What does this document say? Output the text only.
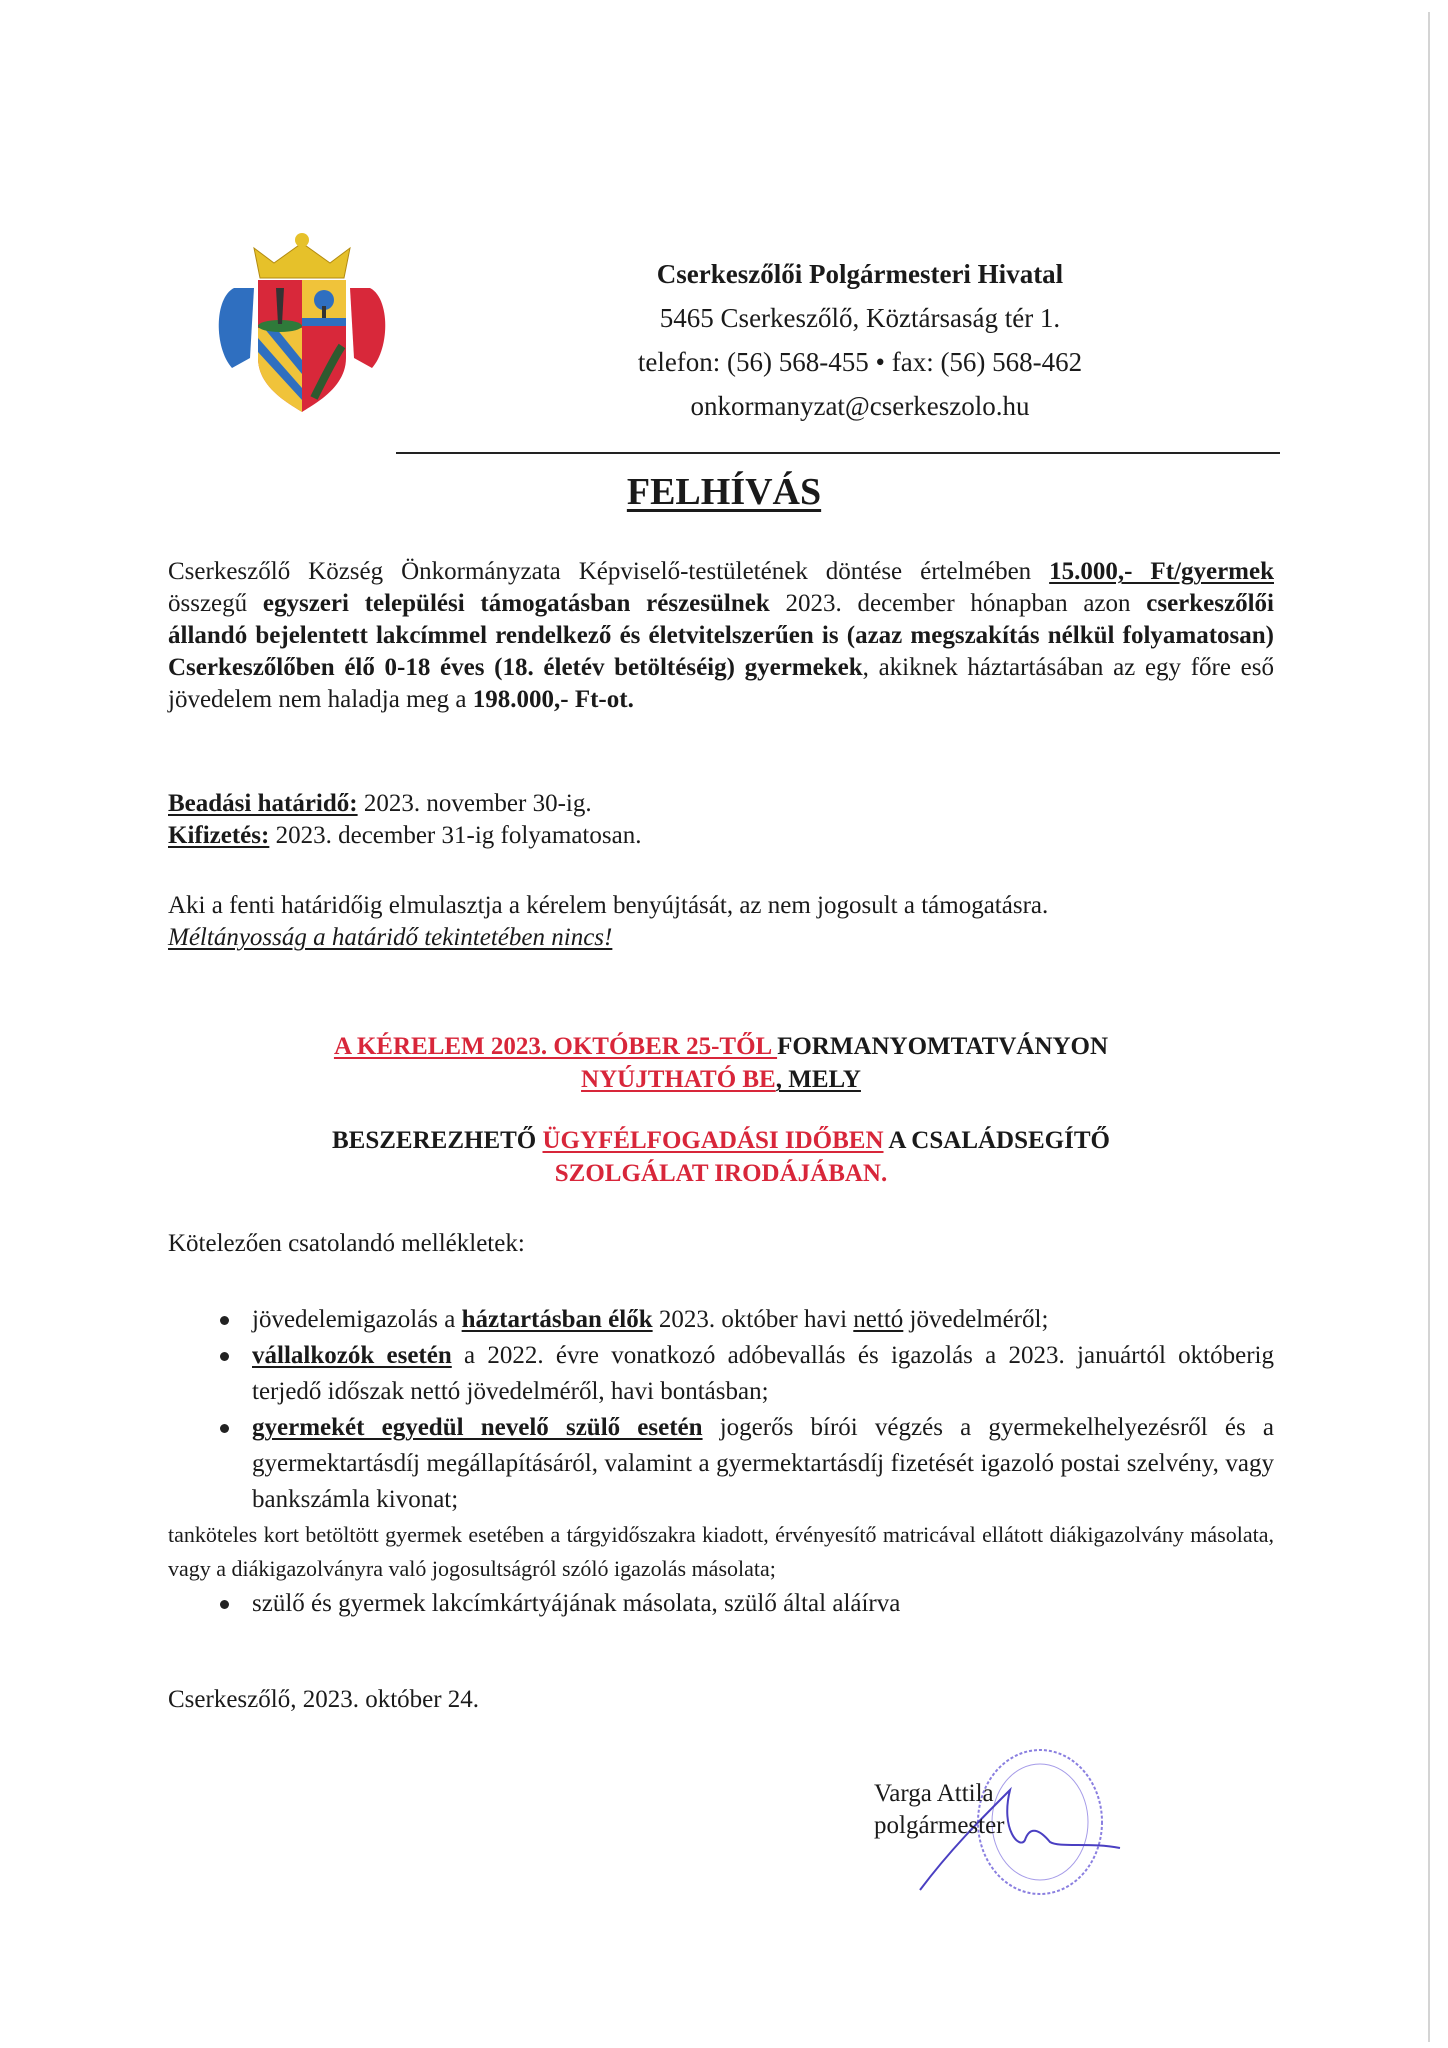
Cserkeszőlői Polgármesteri Hivatal

5465 Cserkeszőlő, Köztársaság tér 1.

telefon: (56) 568-455 • fax: (56) 568-462

onkormanyzat@cserkeszolo.hu

FELHÍVÁS

Cserkeszőlő Község Önkormányzata Képviselő-testületének döntése értelmében 15.000,- Ft/gyermek összegű egyszeri települési támogatásban részesülnek 2023. december hónapban azon cserkeszőlői állandó bejelentett lakcímmel rendelkező és életvitelszerűen is (azaz megszakítás nélkül folyamatosan) Cserkeszőlőben élő 0-18 éves (18. életév betöltéséig) gyermekek, akiknek háztartásában az egy főre eső jövedelem nem haladja meg a 198.000,- Ft-ot.

Beadási határidő: 2023. november 30-ig.

Kifizetés: 2023. december 31-ig folyamatosan.

Aki a fenti határidőig elmulasztja a kérelem benyújtását, az nem jogosult a támogatásra.

Méltányosság a határidő tekintetében nincs!

A KÉRELEM 2023. OKTÓBER 25-TŐL FORMANYOMTATVÁNYON
NYÚJTHATÓ BE, MELY
BESZEREZHETŐ ÜGYFÉLFOGADÁSI IDŐBEN A CSALÁDSEGÍTŐ
SZOLGÁLAT IRODÁJÁBAN.

Kötelezően csatolandó mellékletek:

jövedelemigazolás a háztartásban élők 2023. október havi nettó jövedelméről;
vállalkozók esetén a 2022. évre vonatkozó adóbevallás és igazolás a 2023. januártól októberig terjedő időszak nettó jövedelméről, havi bontásban;
gyermekét egyedül nevelő szülő esetén jogerős bírói végzés a gyermekelhelyezésről és a gyermektartásdíj megállapításáról, valamint a gyermektartásdíj fizetését igazoló postai szelvény, vagy bankszámla kivonat;
tanköteles kort betöltött gyermek esetében a tárgyidőszakra kiadott, érvényesítő matricával ellátott diákigazolvány másolata, vagy a diákigazolványra való jogosultságról szóló igazolás másolata;
szülő és gyermek lakcímkártyájának másolata, szülő által aláírva
Cserkeszőlő, 2023. október 24.
Varga Attila
polgármester
